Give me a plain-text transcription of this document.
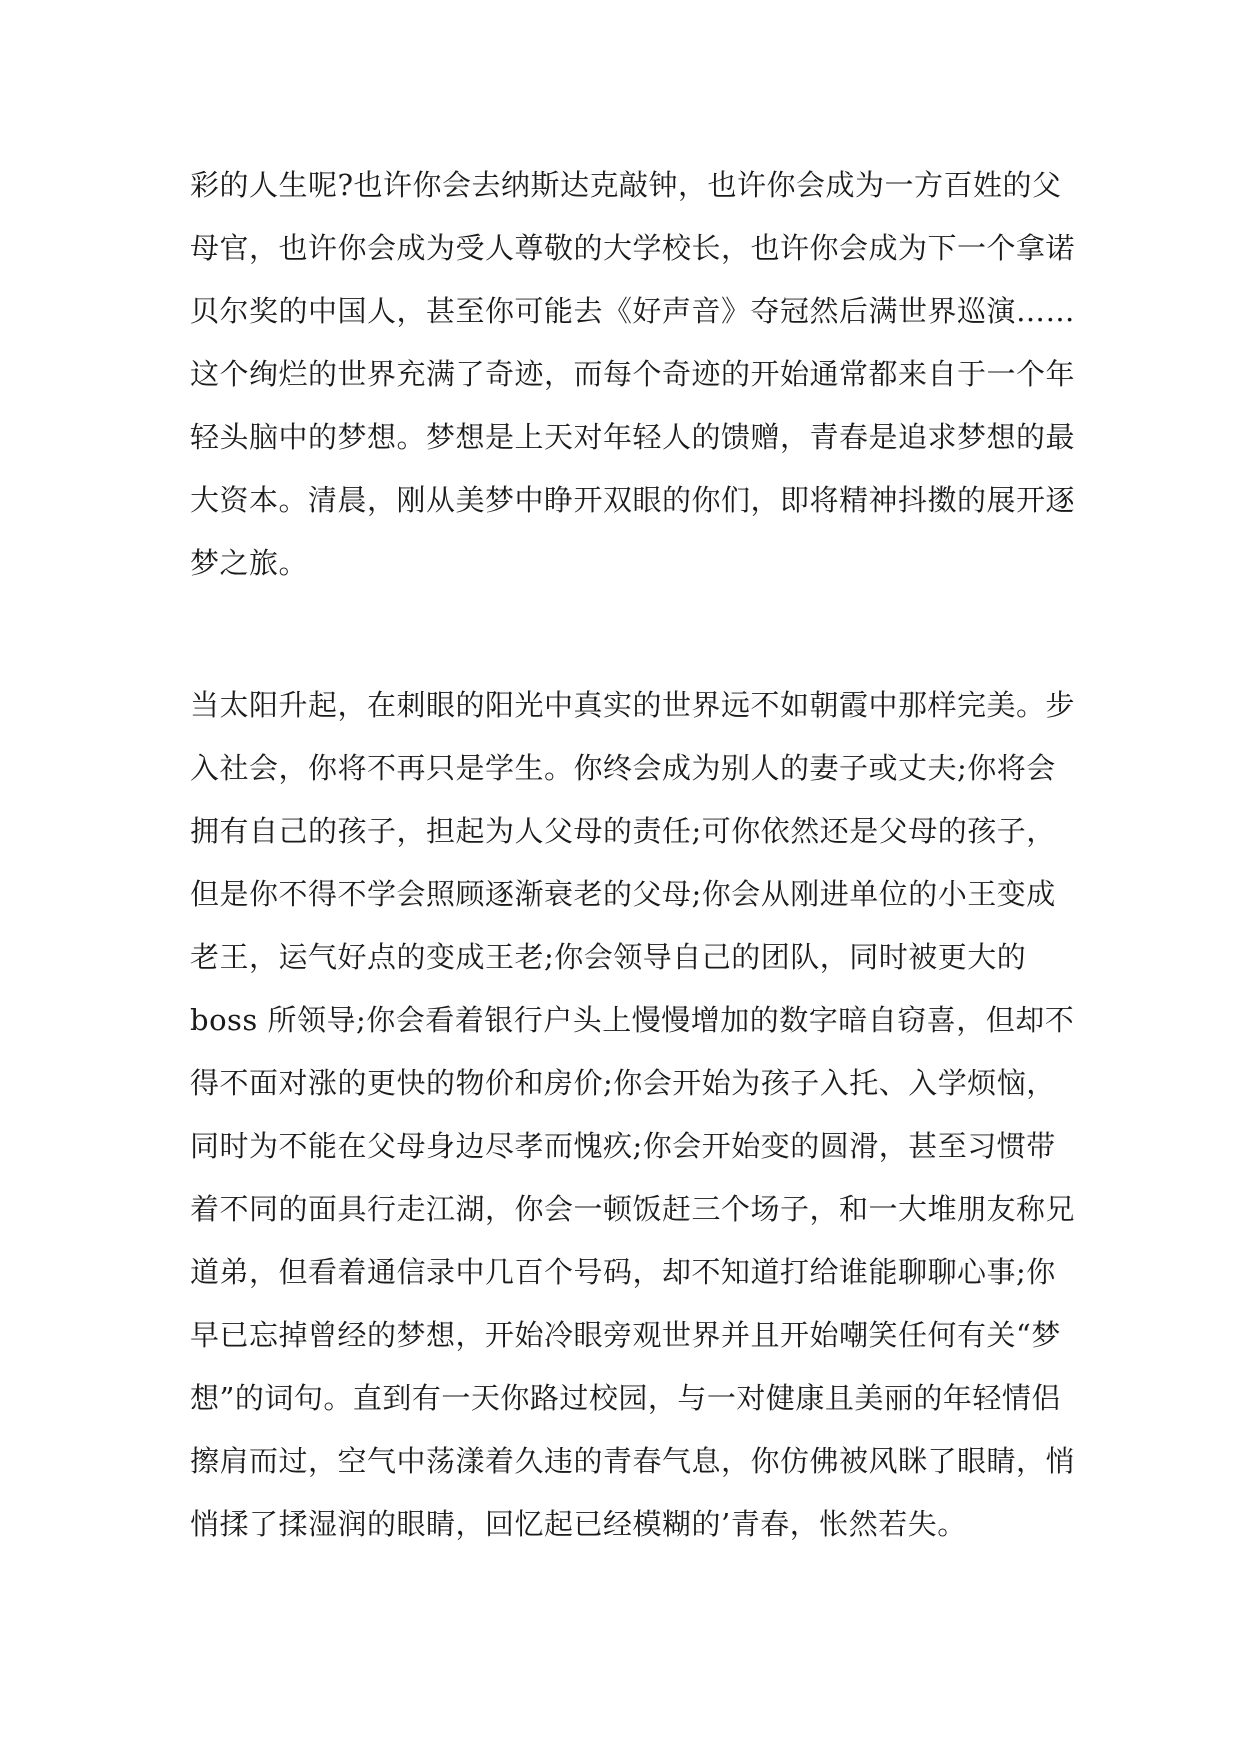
彩的人生呢?也许你会去纳斯达克敲钟，也许你会成为一方百姓的父
母官，也许你会成为受人尊敬的大学校长，也许你会成为下一个拿诺
贝尔奖的中国人，甚至你可能去《好声音》夺冠然后满世界巡演……
这个绚烂的世界充满了奇迹，而每个奇迹的开始通常都来自于一个年
轻头脑中的梦想。梦想是上天对年轻人的馈赠，青春是追求梦想的最
大资本。清晨，刚从美梦中睁开双眼的你们，即将精神抖擞的展开逐
梦之旅。
当太阳升起，在刺眼的阳光中真实的世界远不如朝霞中那样完美。步
入社会，你将不再只是学生。你终会成为别人的妻子或丈夫;你将会
拥有自己的孩子，担起为人父母的责任;可你依然还是父母的孩子，
但是你不得不学会照顾逐渐衰老的父母;你会从刚进单位的小王变成
老王，运气好点的变成王老;你会领导自己的团队，同时被更大的
boss 所领导;你会看着银行户头上慢慢增加的数字暗自窃喜，但却不
得不面对涨的更快的物价和房价;你会开始为孩子入托、入学烦恼，
同时为不能在父母身边尽孝而愧疚;你会开始变的圆滑，甚至习惯带
着不同的面具行走江湖，你会一顿饭赶三个场子，和一大堆朋友称兄
道弟，但看着通信录中几百个号码，却不知道打给谁能聊聊心事;你
早已忘掉曾经的梦想，开始冷眼旁观世界并且开始嘲笑任何有关“梦
想”的词句。直到有一天你路过校园，与一对健康且美丽的年轻情侣
擦肩而过，空气中荡漾着久违的青春气息，你仿佛被风眯了眼睛，悄
悄揉了揉湿润的眼睛，回忆起已经模糊的’青春，怅然若失。
